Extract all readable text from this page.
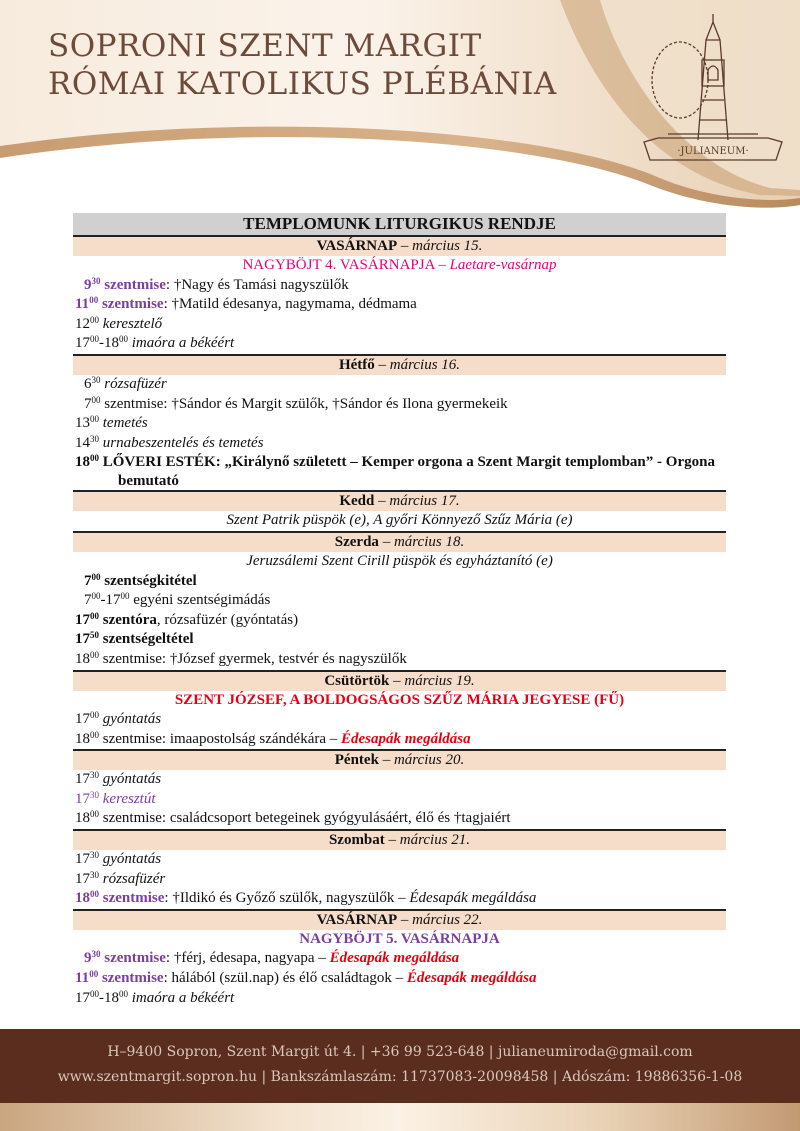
SOPRONI SZENT MARGIT
RÓMAI KATOLIKUS PLÉBÁNIA
·JULIANEUM·
TEMPLOMUNK LITURGIKUS RENDJE
VASÁRNAP – március 15.
NAGYBÖJT 4. VASÁRNAPJA – Laetare-vasárnap
$9^{30}$ szentmise: †Nagy és Tamási nagyszülők
$11^{00}$ szentmise: †Matild édesanya, nagymama, dédmama
$12^{00}$ keresztelő
$17^{00}-18^{00}$ imaóra a békéért
Hétfő – március 16.
$6^{30}$ rózsafüzér
$7^{00}$ szentmise: †Sándor és Margit szülők, †Sándor és Ilona gyermekeik
$13^{00}$ temetés
$14^{30}$ urnabeszentelés és temetés
$18^{00}$ LŐVERI ESTÉK: „Királynő született – Kemper orgona a Szent Margit templomban” - Orgona bemutató
Kedd – március 17.
Szent Patrik püspök (e), A győri Könnyező Szűz Mária (e)
Szerda – március 18.
Jeruzsálemi Szent Cirill püspök és egyháztanító (e)
$7^{00}$ szentségkitétel
$7^{00}-17^{00}$ egyéni szentségimádás
$17^{00}$ szentóra, rózsafüzér (gyóntatás)
$17^{50}$ szentségeltétel
$18^{00}$ szentmise: †József gyermek, testvér és nagyszülők
Csütörtök – március 19.
SZENT JÓZSEF, A BOLDOGSÁGOS SZŰZ MÁRIA JEGYESE (FŰ)
$17^{00}$ gyóntatás
$18^{00}$ szentmise: imaapostolság szándékára – Édesapák megáldása
Péntek – március 20.
$17^{30}$ gyóntatás
$17^{30}$ keresztút
$18^{00}$ szentmise: családcsoport betegeinek gyógyulásáért, élő és †tagjaiért
Szombat – március 21.
$17^{30}$ gyóntatás
$17^{30}$ rózsafüzér
$18^{00}$ szentmise: †Ildikó és Győző szülők, nagyszülők – Édesapák megáldása
VASÁRNAP – március 22.
NAGYBÖJT 5. VASÁRNAPJA
$9^{30}$ szentmise: †férj, édesapa, nagyapa – Édesapák megáldása
$11^{00}$ szentmise: hálából (szül.nap) és élő családtagok – Édesapák megáldása
$17^{00}-18^{00}$ imaóra a békéért
H–9400 Sopron, Szent Margit út 4. | +36 99 523-648 | julianeumiroda@gmail.com
www.szentmargit.sopron.hu | Bankszámlaszám: 11737083-20098458 | Adószám: 19886356-1-08
